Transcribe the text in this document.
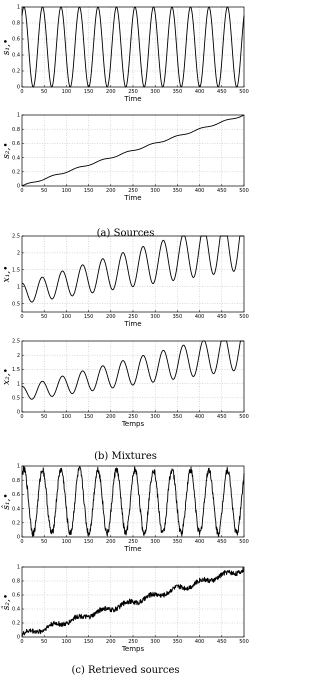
0	50	100	150	200	250	300	350	400	450	500
0
0.2
0.4
0.6
0.8
1
Time
s₁,•
0	50	100	150	200	250	300	350	400	450	500
0
0.2
0.4
0.6
0.8
1
Time
s₂,•
0	50	100	150	200	250	300	350	400	450	500
0.5
1
1.5
2
2.5
Time
x₁,•
0	50	100	150	200	250	300	350	400	450	500
0
0.5
1
1.5
2
2.5
Temps
x₂,•
0	50	100	150	200	250	300	350	400	450	500
0
0.2
0.4
0.6
0.8
1
Time
ŝ₁,•
0	50	100	150	200	250	300	350	400	450	500
0
0.2
0.4
0.6
0.8
1
Temps
ŝ₂,•
(a) Sources
(b) Mixtures
(c) Retrieved sources
